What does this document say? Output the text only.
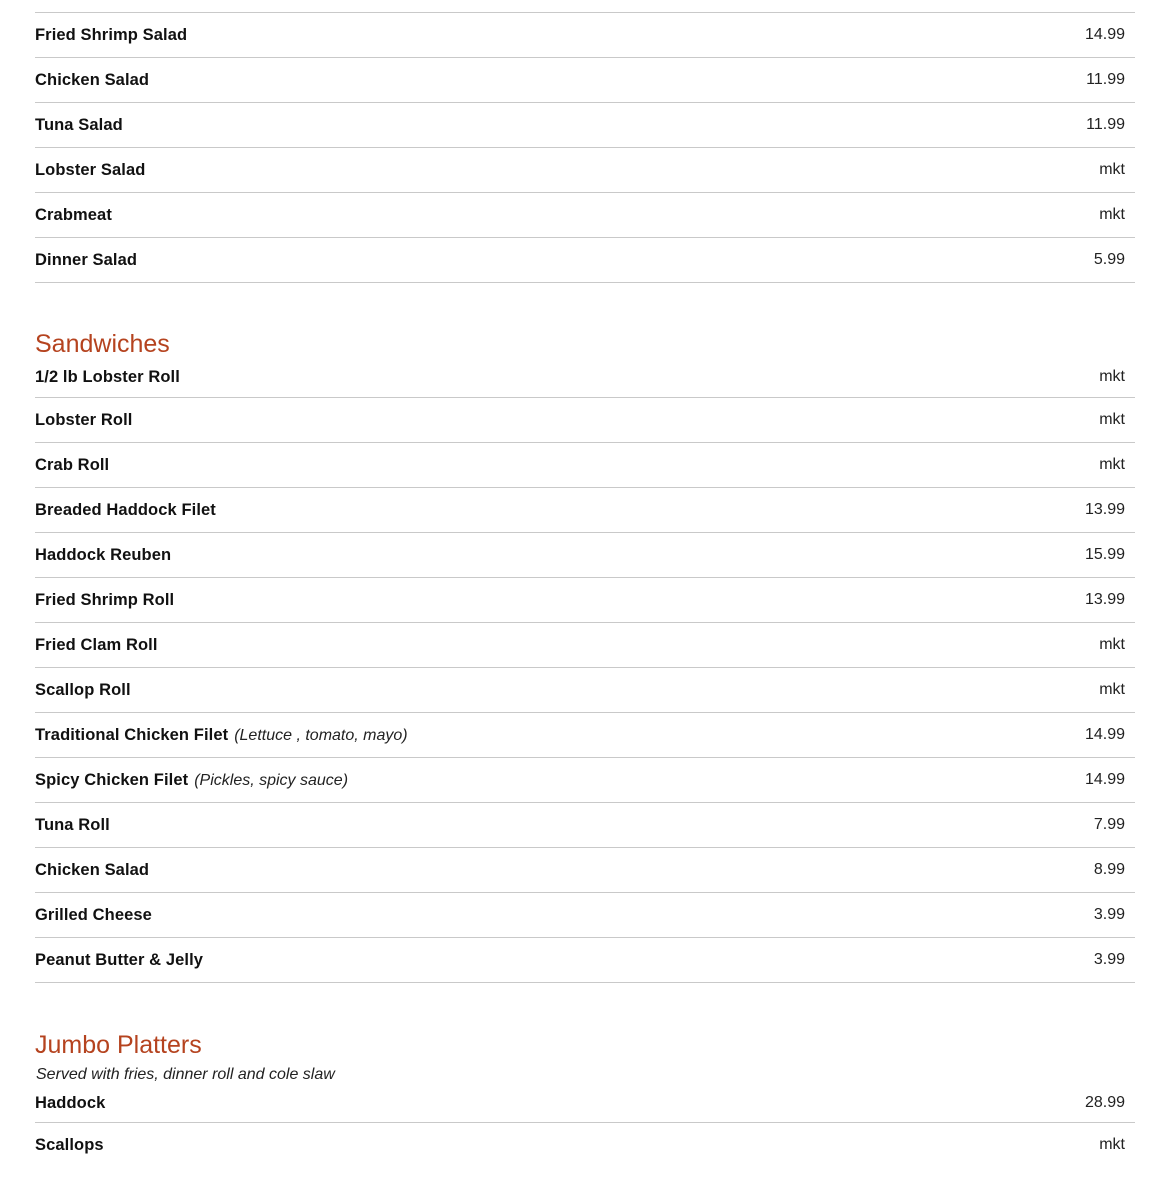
Fried Shrimp Salad	14.99
Chicken Salad	11.99
Tuna Salad	11.99
Lobster Salad	mkt
Crabmeat	mkt
Dinner Salad	5.99
Sandwiches
1/2 lb Lobster Roll	mkt
Lobster Roll	mkt
Crab Roll	mkt
Breaded Haddock Filet	13.99
Haddock Reuben	15.99
Fried Shrimp Roll	13.99
Fried Clam Roll	mkt
Scallop Roll	mkt
Traditional Chicken Filet (Lettuce , tomato, mayo)	14.99
Spicy Chicken Filet (Pickles, spicy sauce)	14.99
Tuna Roll	7.99
Chicken Salad	8.99
Grilled Cheese	3.99
Peanut Butter & Jelly	3.99
Jumbo Platters
Served with fries, dinner roll and cole slaw
Haddock	28.99
Scallops	mkt
